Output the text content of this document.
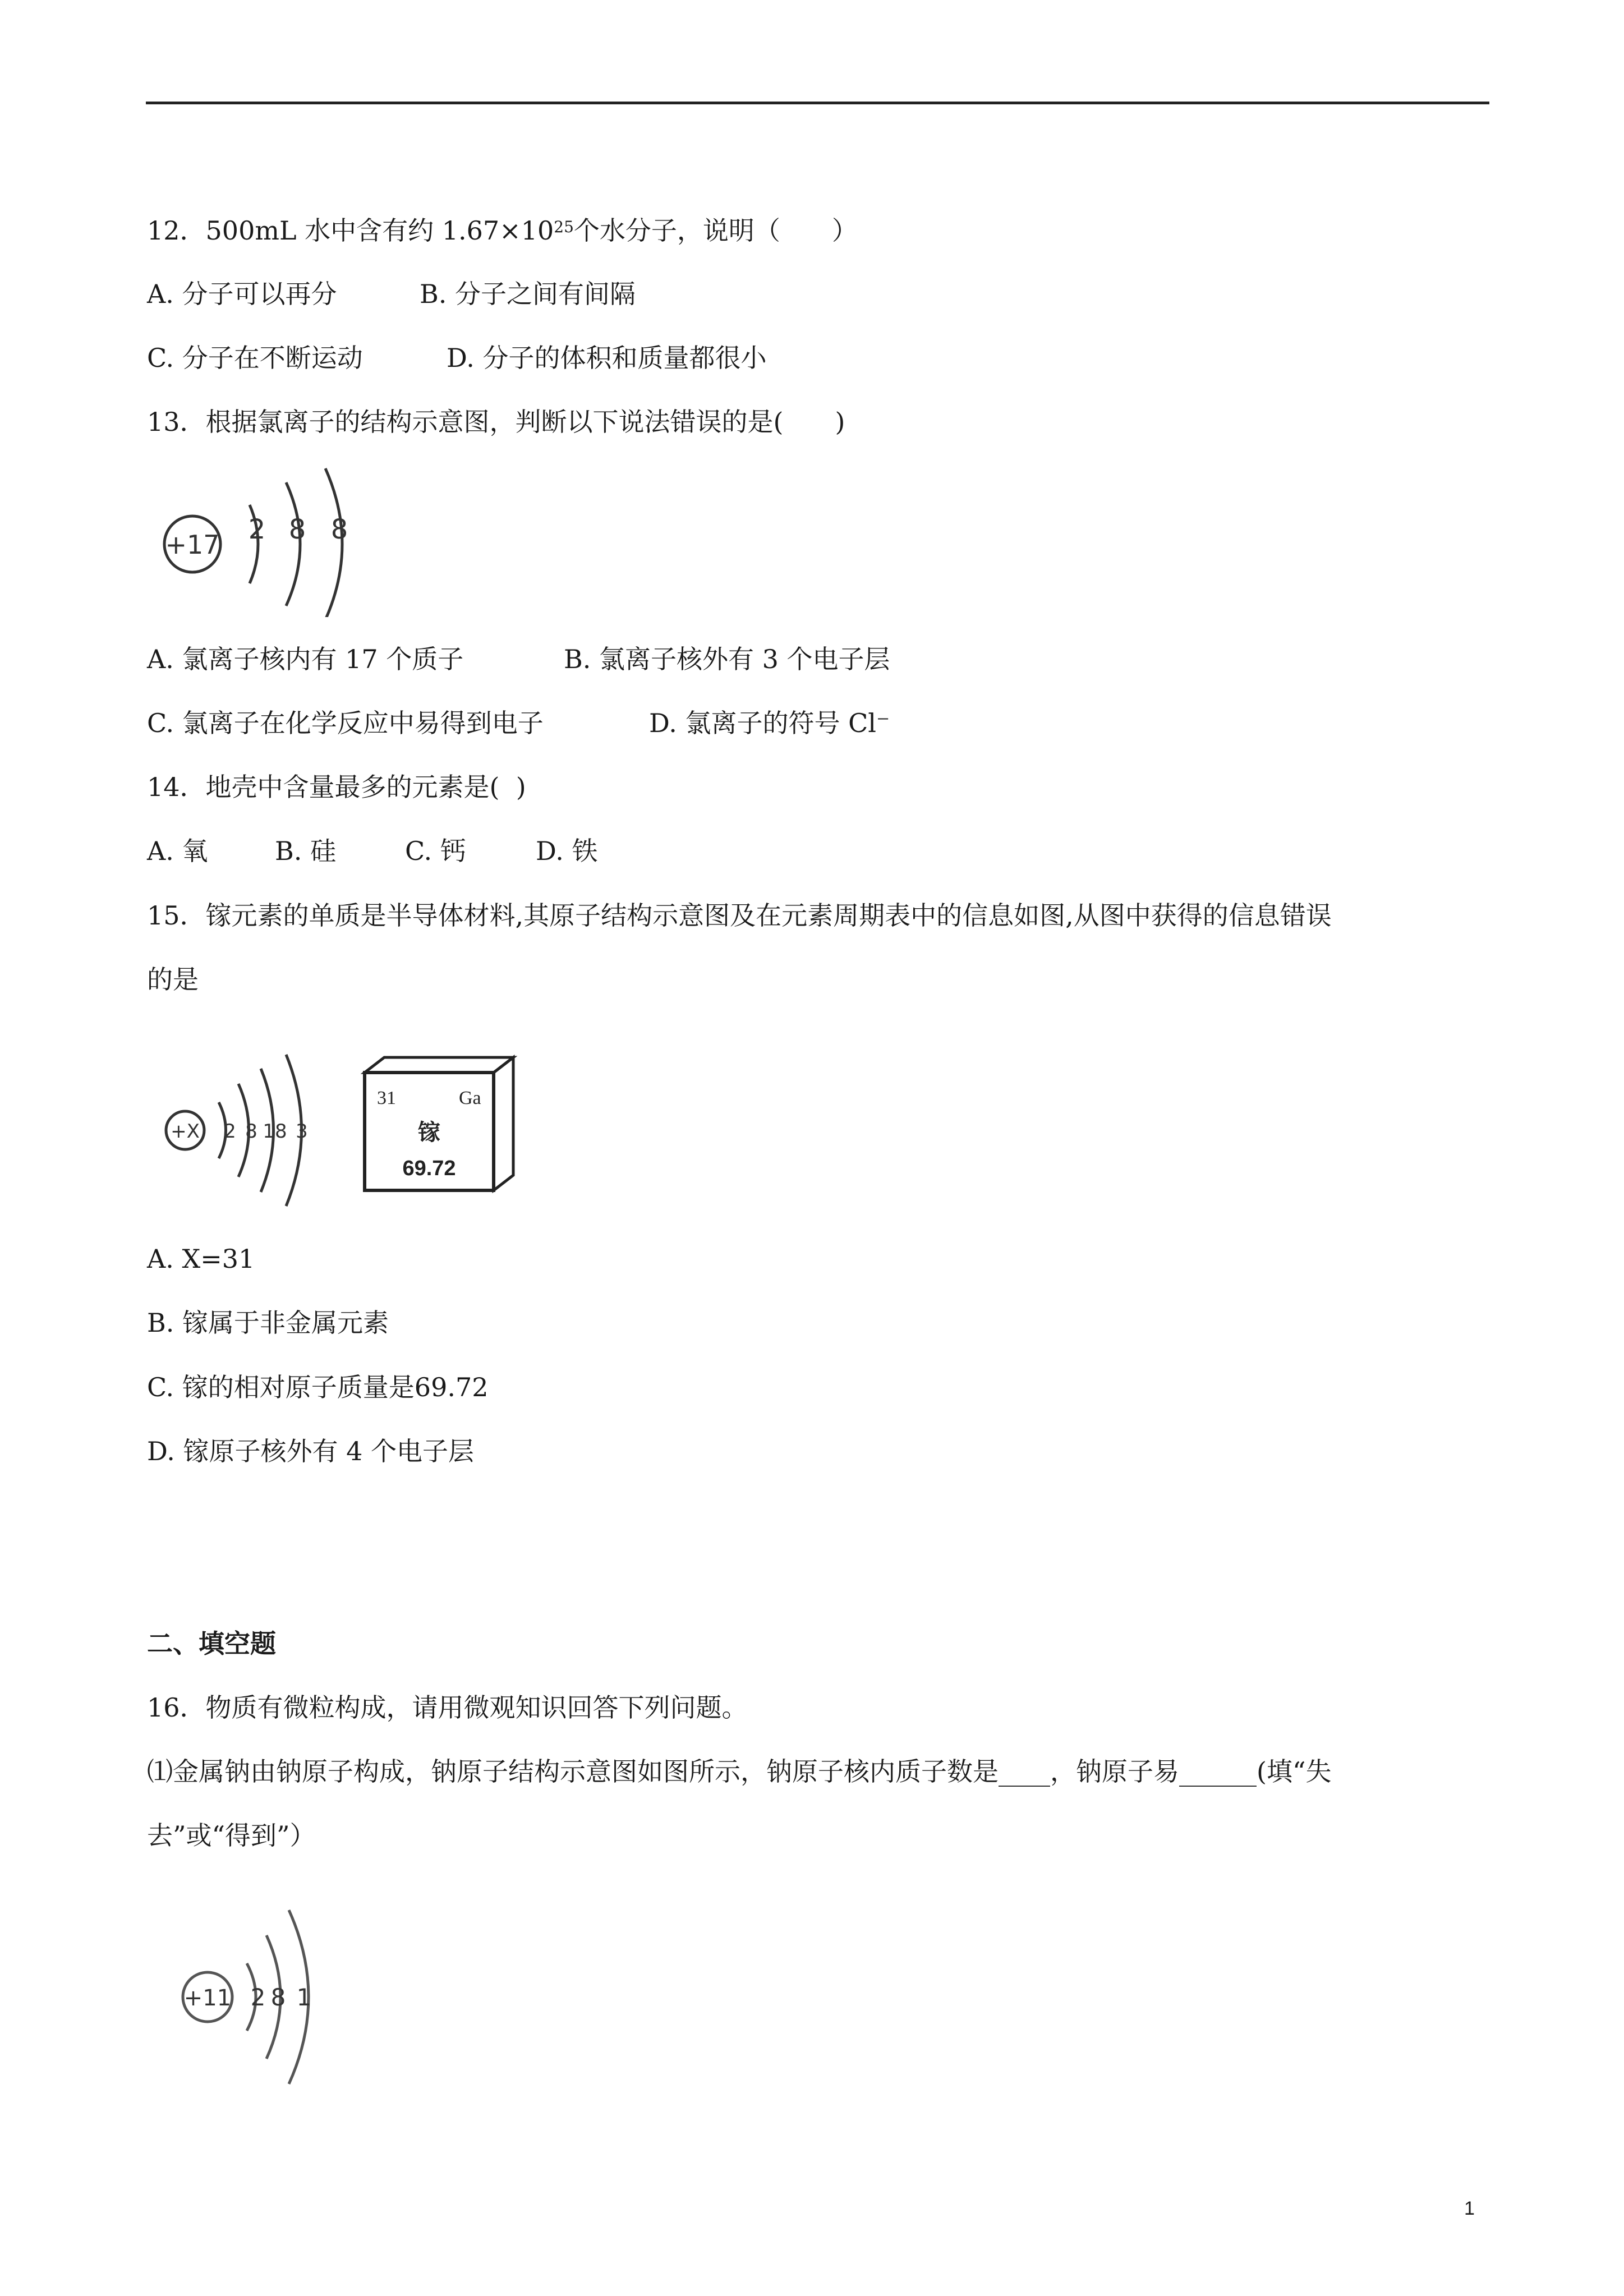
12．500mL 水中含有约 $1.67\times 10^{25}$个水分子，说明（　　）
A. 分子可以再分	B. 分子之间有间隔
C. 分子在不断运动	D. 分子的体积和质量都很小
13．根据氯离子的结构示意图，判断以下说法错误的是(　　)
+17 2 8 8
A. 氯离子核内有 17 个质子	B. 氯离子核外有 3 个电子层
C. 氯离子在化学反应中易得到电子	D. 氯离子的符号 Cl⁻
14．地壳中含量最多的元素是(  )
A. 氧	B. 硅	C. 钙	D. 铁
15．镓元素的单质是半导体材料,其原子结构示意图及在元素周期表中的信息如图,从图中获得的信息错误
的是
+X 2 8 18 3
31	Ga
镓
69.72
A. X=31
B. 镓属于非金属元素
C. 镓的相对原子质量是69.72
D. 镓原子核外有 4 个电子层
二、填空题
16．物质有微粒构成，请用微观知识回答下列问题。
⑴金属钠由钠原子构成，钠原子结构示意图如图所示，钠原子核内质子数是____，钠原子易______(填“失
去”或“得到”）
+11 2 8 1
1
